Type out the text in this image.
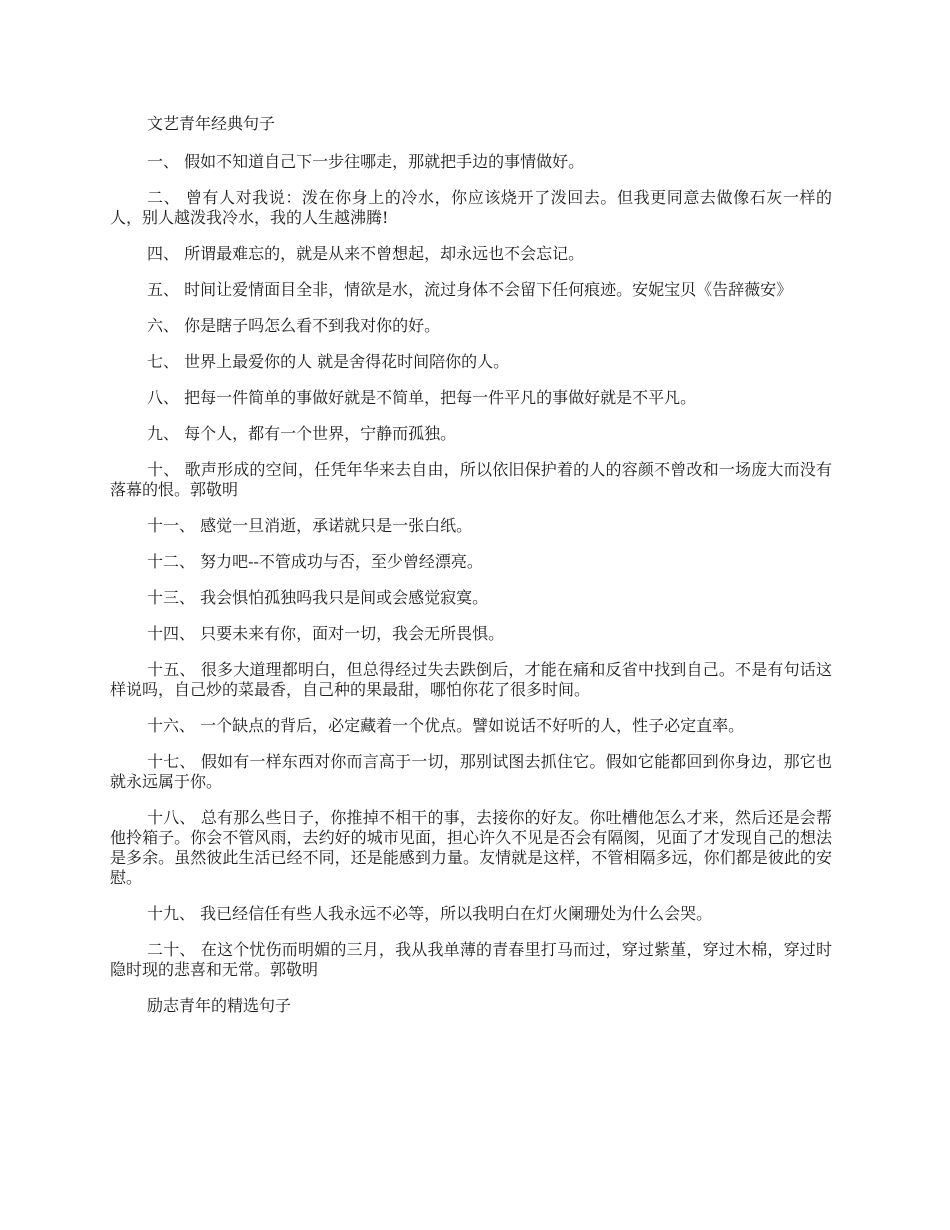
文艺青年经典句子

一、 假如不知道自己下一步往哪走，那就把手边的事情做好。

二、 曾有人对我说：泼在你身上的冷水，你应该烧开了泼回去。但我更同意去做像石灰一样的人，别人越泼我冷水，我的人生越沸腾!

四、 所谓最难忘的，就是从来不曾想起，却永远也不会忘记。

五、 时间让爱情面目全非，情欲是水，流过身体不会留下任何痕迹。安妮宝贝《告辞薇安》

六、 你是瞎子吗怎么看不到我对你的好。

七、 世界上最爱你的人 就是舍得花时间陪你的人。

八、 把每一件简单的事做好就是不简单，把每一件平凡的事做好就是不平凡。

九、 每个人，都有一个世界，宁静而孤独。

十、 歌声形成的空间，任凭年华来去自由，所以依旧保护着的人的容颜不曾改和一场庞大而没有落幕的恨。郭敬明

十一、 感觉一旦消逝，承诺就只是一张白纸。

十二、 努力吧--不管成功与否，至少曾经漂亮。

十三、 我会惧怕孤独吗我只是间或会感觉寂寞。

十四、 只要未来有你，面对一切，我会无所畏惧。

十五、 很多大道理都明白，但总得经过失去跌倒后，才能在痛和反省中找到自己。不是有句话这样说吗，自己炒的菜最香，自己种的果最甜，哪怕你花了很多时间。

十六、 一个缺点的背后，必定藏着一个优点。譬如说话不好听的人，性子必定直率。

十七、 假如有一样东西对你而言高于一切，那别试图去抓住它。假如它能都回到你身边，那它也就永远属于你。

十八、 总有那么些日子，你推掉不相干的事，去接你的好友。你吐槽他怎么才来，然后还是会帮他拎箱子。你会不管风雨，去约好的城市见面，担心许久不见是否会有隔阂，见面了才发现自己的想法是多余。虽然彼此生活已经不同，还是能感到力量。友情就是这样，不管相隔多远，你们都是彼此的安慰。

十九、 我已经信任有些人我永远不必等，所以我明白在灯火阑珊处为什么会哭。

二十、 在这个忧伤而明媚的三月，我从我单薄的青春里打马而过，穿过紫堇，穿过木棉，穿过时隐时现的悲喜和无常。郭敬明

励志青年的精选句子
